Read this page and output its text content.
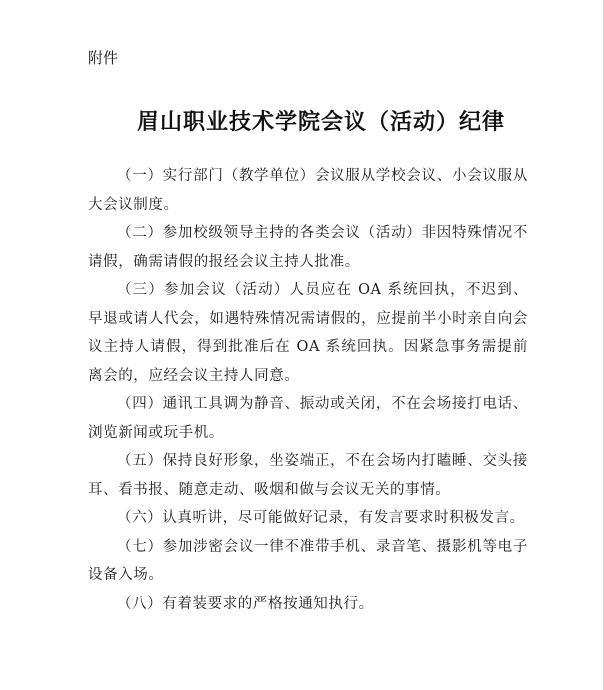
附件
眉山职业技术学院会议（活动）纪律

（一）实行部门（教学单位）会议服从学校会议、小会议服从大会议制度。

（二）参加校级领导主持的各类会议（活动）非因特殊情况不请假，确需请假的报经会议主持人批准。

（三）参加会议（活动）人员应在 OA 系统回执，不迟到、早退或请人代会，如遇特殊情况需请假的，应提前半小时亲自向会议主持人请假，得到批准后在 OA 系统回执。因紧急事务需提前离会的，应经会议主持人同意。

（四）通讯工具调为静音、振动或关闭，不在会场接打电话、浏览新闻或玩手机。

（五）保持良好形象，坐姿端正，不在会场内打瞌睡、交头接耳、看书报、随意走动、吸烟和做与会议无关的事情。

（六）认真听讲，尽可能做好记录，有发言要求时积极发言。

（七）参加涉密会议一律不准带手机、录音笔、摄影机等电子设备入场。

（八）有着装要求的严格按通知执行。
